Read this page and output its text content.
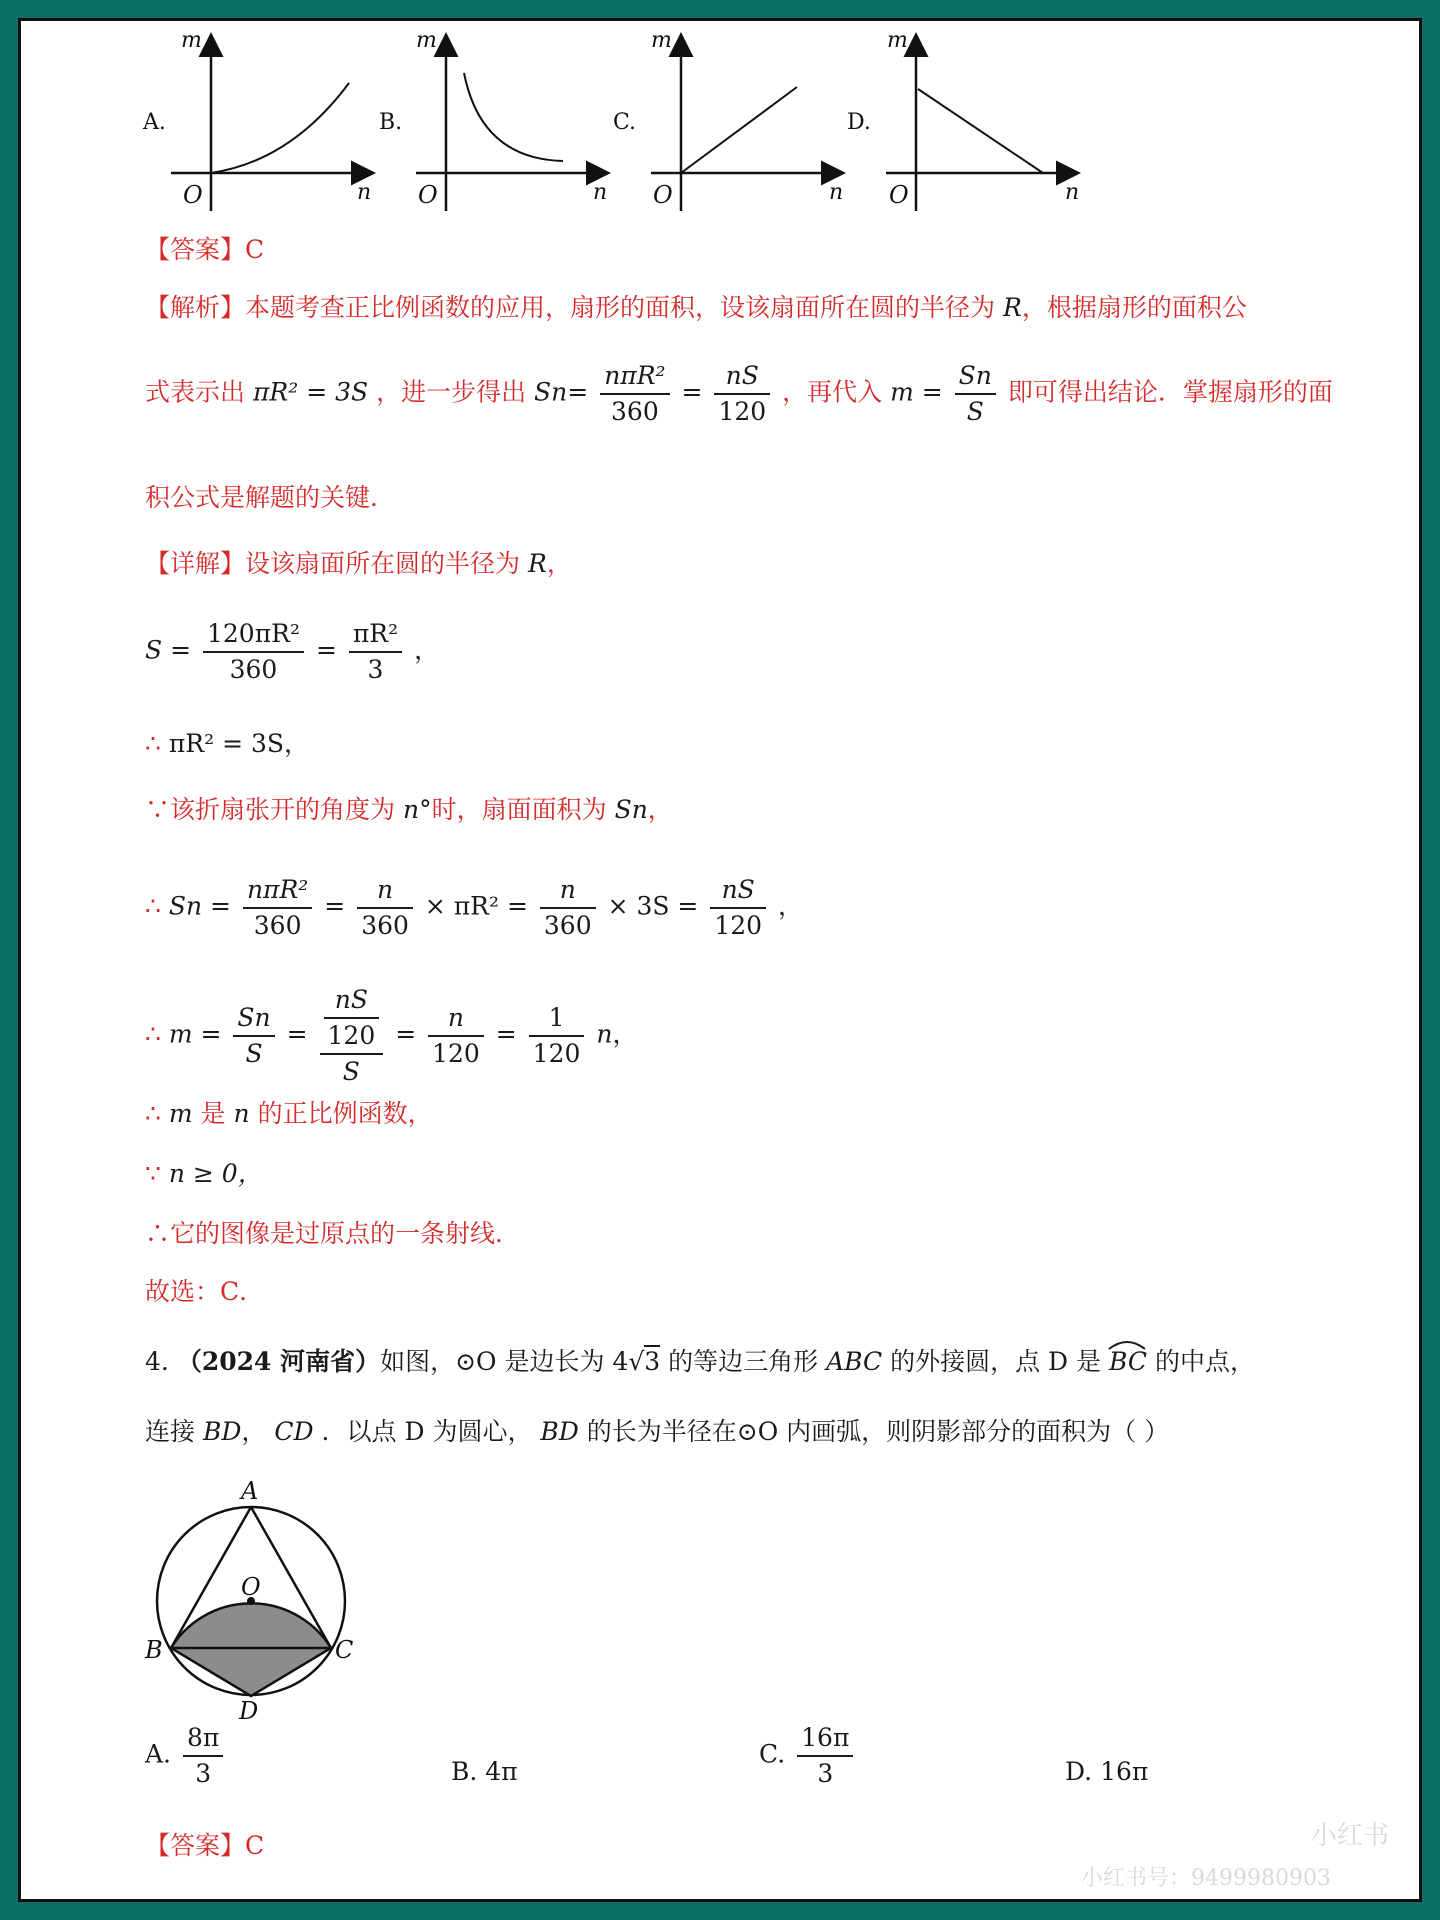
A.
m
n
O
B.
m
n
O
C.
m
n
O
D.
m
n
O
【答案】C
【解析】本题考查正比例函数的应用，扇形的面积，设该扇面所在圆的半径为 R，根据扇形的面积公
式表示出 πR² = 3S ，进一步得出 $Sn= \frac{\text{nπR²}}{360} = \frac{nS}{120}$ ，再代入 $m = \frac{Sn}{S}$ 即可得出结论．掌握扇形的面
积公式是解题的关键．
【详解】设该扇面所在圆的半径为 R，
$S = \frac{\text{120πR²}}{360} = \frac{\text{πR²}}{3}$ ，
∴ πR² = 3S，
∵该折扇张开的角度为 n°时，扇面面积为 Sn，
∴ $Sn = \frac{\text{nπR²}}{360} = \frac{n}{360} \times \pi R^2 = \frac{n}{360} \times 3S = \frac{nS}{120}$ ，
∴ $m = \frac{Sn}{S} = \frac{\frac{nS}{120}}{S} = \frac{n}{120} = \frac{1}{120}$ n，
∴ m 是 n 的正比例函数，
∵ n ≥ 0，
∴它的图像是过原点的一条射线．
故选：C．
4. （2024 河南省）如图，⊙O 是边长为 4√3 的等边三角形 ABC 的外接圆，点 D 是 BC 的中点，
连接 BD， CD ．以点 D 为圆心， BD 的长为半径在⊙O 内画弧，则阴影部分的面积为（ ）
A
O
B	C
D
A. $\frac{8\pi}{3}$	B. 4π
C. $\frac{16\pi}{3}$	D. 16π
【答案】C	小红书
小红书号：9499980903
